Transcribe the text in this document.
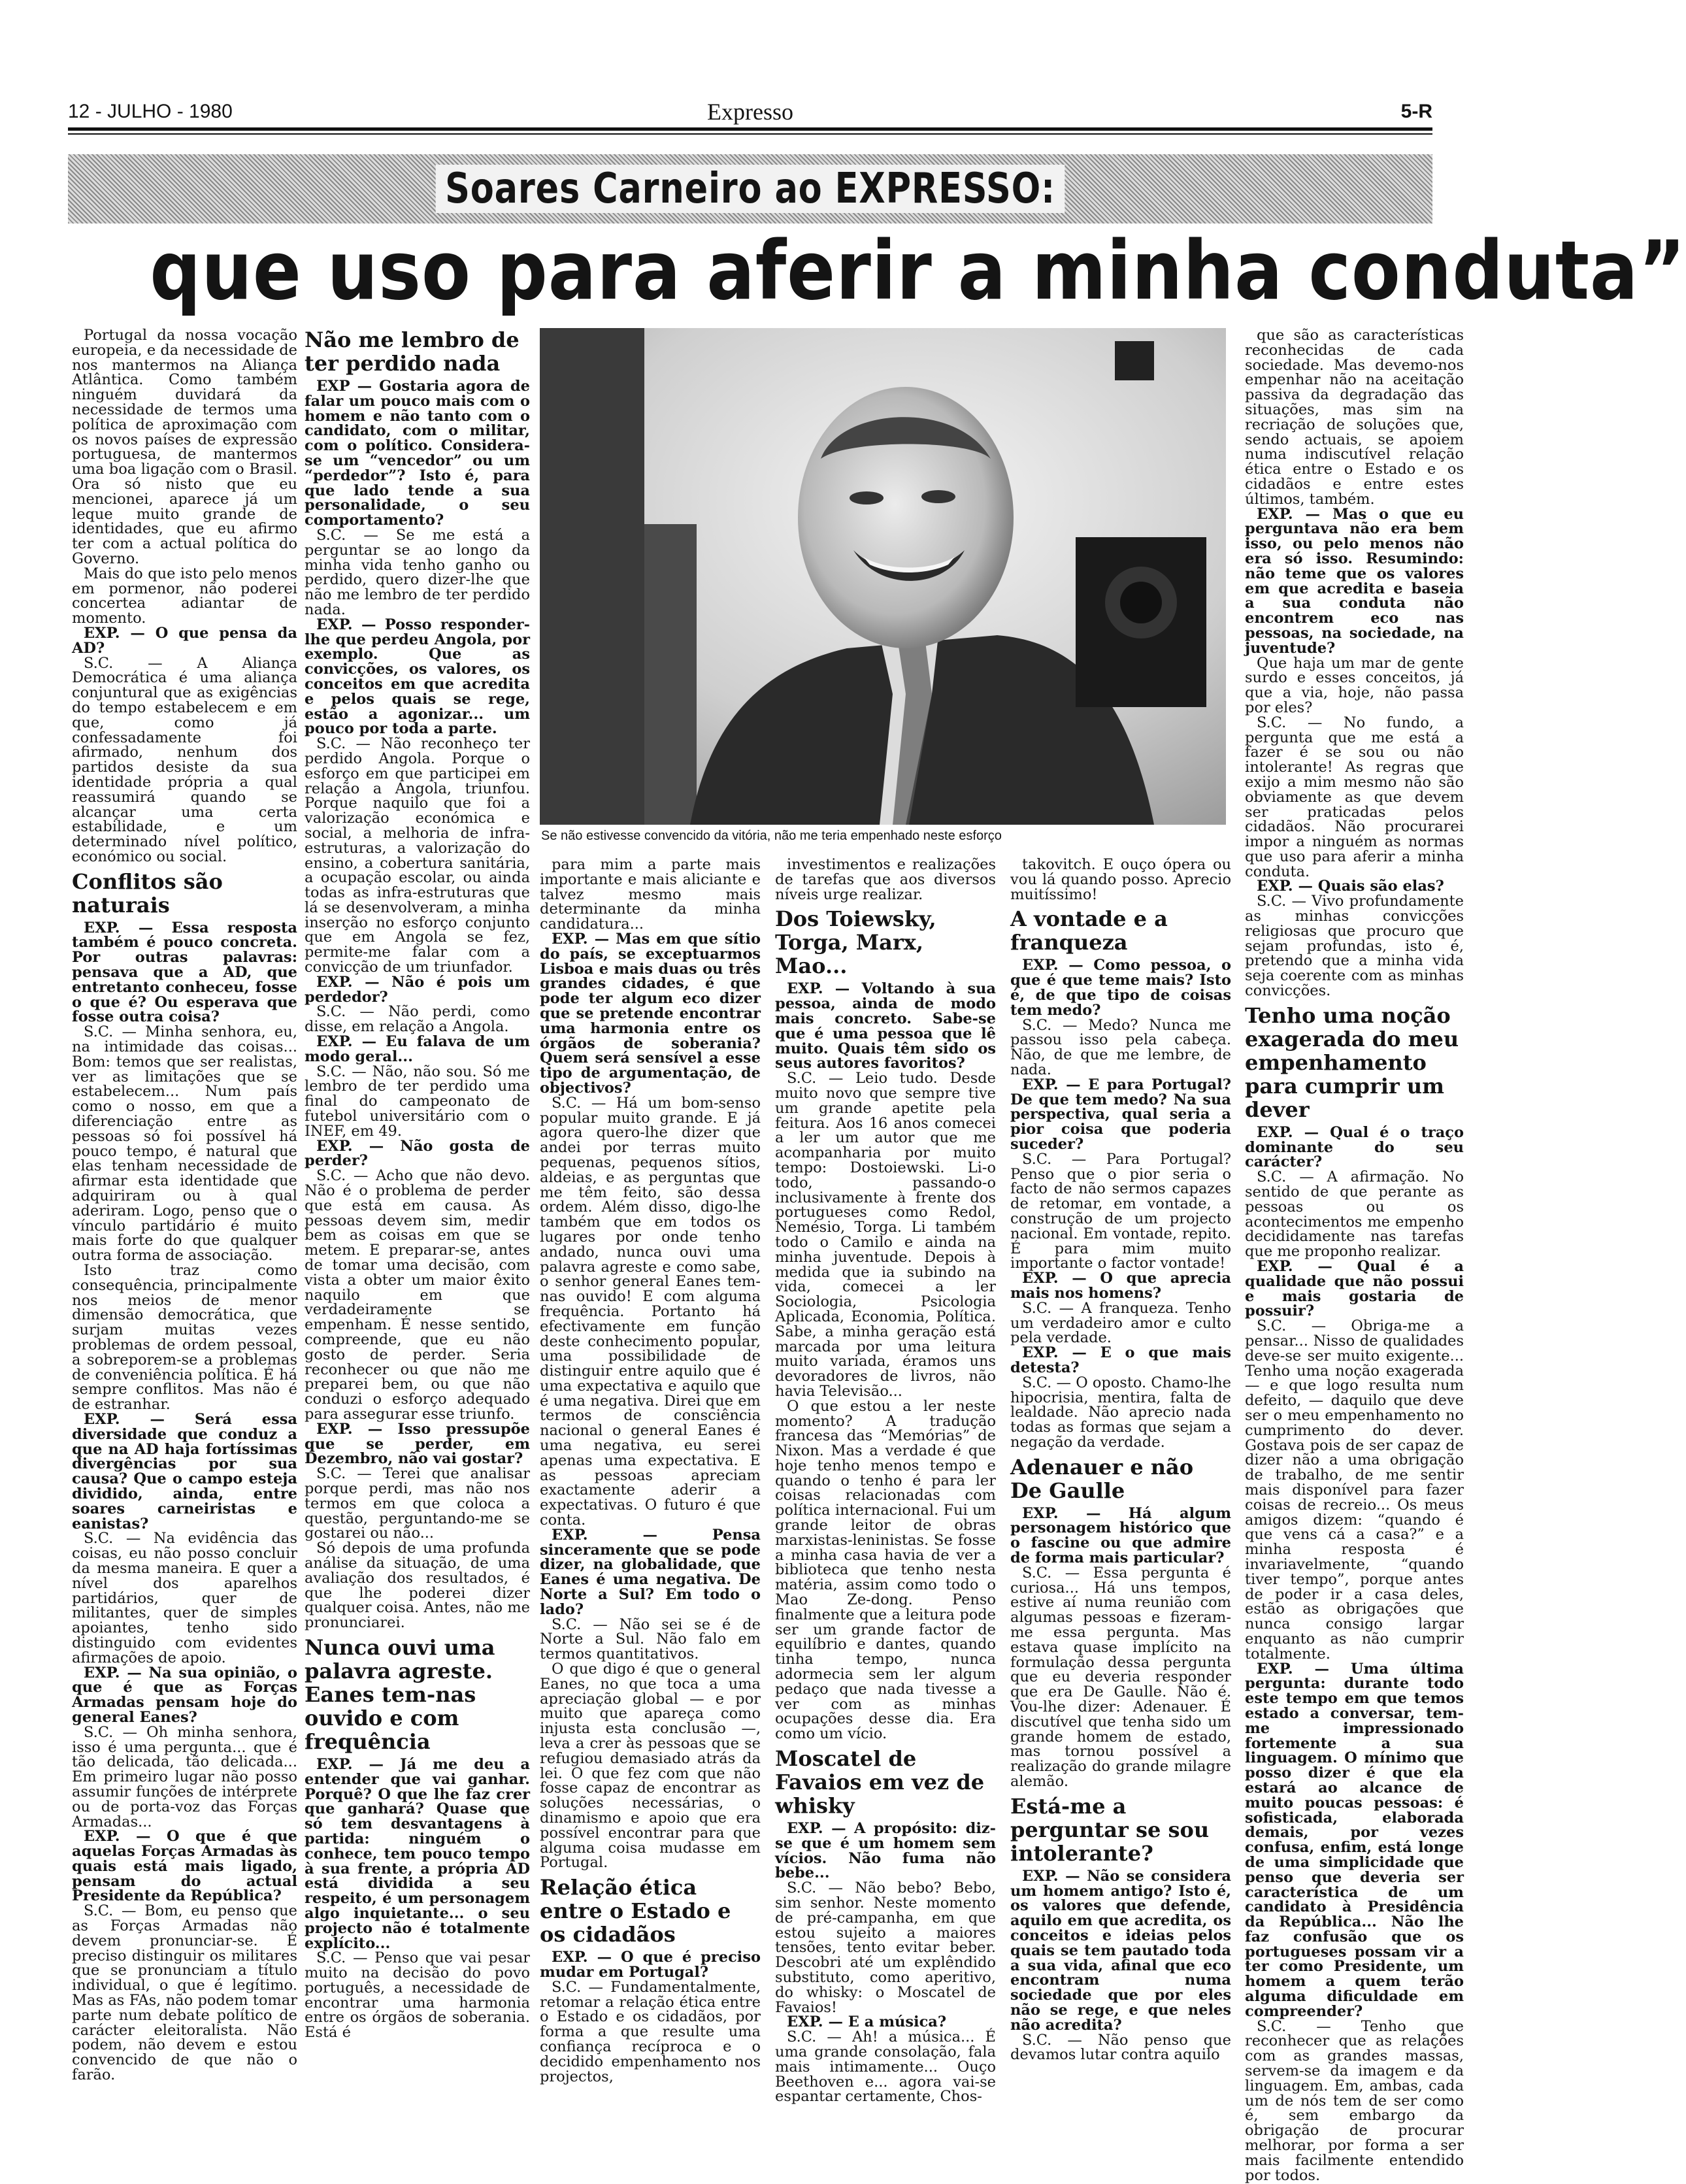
12 - JULHO - 1980	Expresso	5-R
Soares Carneiro ao EXPRESSO:
que uso para aferir a minha conduta”

Portugal da nossa vocação europeia, e da necessidade de nos mantermos na Aliança Atlântica. Como também ninguém duvidará da necessidade de termos uma política de aproximação com os novos países de expressão portuguesa, de mantermos uma boa ligação com o Brasil. Ora só nisto que eu mencionei, aparece já um leque muito grande de identidades, que eu afirmo ter com a actual política do Governo.

Mais do que isto pelo menos em pormenor, não poderei concertea adiantar de momento.

EXP. — O que pensa da AD?

S.C. — A Aliança Democrática é uma aliança conjuntural que as exigências do tempo estabelecem e em que, como já confessadamente foi afirmado, nenhum dos partidos desiste da sua identidade própria a qual reassumirá quando se alcançar uma certa estabilidade, e um determinado nível político, económico ou social.

Conflitos são naturais

EXP. — Essa resposta também é pouco concreta. Por outras palavras: pensava que a AD, que entretanto conheceu, fosse o que é? Ou esperava que fosse outra coisa?

S.C. — Minha senhora, eu, na intimidade das coisas... Bom: temos que ser realistas, ver as limitações que se estabelecem... Num país como o nosso, em que a diferenciação entre as pessoas só foi possível há pouco tempo, é natural que elas tenham necessidade de afirmar esta identidade que adquiriram ou à qual aderiram. Logo, penso que o vínculo partidário é muito mais forte do que qualquer outra forma de associação.

Isto traz como consequência, principalmente nos meios de menor dimensão democrática, que surjam muitas vezes problemas de ordem pessoal, a sobreporem-se a problemas de conveniência política. É há sempre conflitos. Mas não é de estranhar.

EXP. — Será essa diversidade que conduz a que na AD haja fortíssimas divergências por sua causa? Que o campo esteja dividido, ainda, entre soares carneiristas e eanistas?

S.C. — Na evidência das coisas, eu não posso concluir da mesma maneira. E quer a nível dos aparelhos partidários, quer de militantes, quer de simples apoiantes, tenho sido distinguido com evidentes afirmações de apoio.

EXP. — Na sua opinião, o que é que as Forças Armadas pensam hoje do general Eanes?

S.C. — Oh minha senhora, isso é uma pergunta... que é tão delicada, tão delicada... Em primeiro lugar não posso assumir funções de intérprete ou de porta-voz das Forças Armadas...

EXP. — O que é que aquelas Forças Armadas às quais está mais ligado, pensam do actual Presidente da República?

S.C. — Bom, eu penso que as Forças Armadas não devem pronunciar-se. É preciso distinguir os militares que se pronunciam a título individual, o que é legítimo. Mas as FAs, não podem tomar parte num debate político de carácter eleitoralista. Não podem, não devem e estou convencido de que não o farão.

Não me lembro de ter perdido nada

EXP — Gostaria agora de falar um pouco mais com o homem e não tanto com o candidato, com o militar, com o político. Considera-se um “vencedor” ou um “perdedor”? Isto é, para que lado tende a sua personalidade, o seu comportamento?

S.C. — Se me está a perguntar se ao longo da minha vida tenho ganho ou perdido, quero dizer-lhe que não me lembro de ter perdido nada.

EXP. — Posso responder-lhe que perdeu Angola, por exemplo. Que as convicções, os valores, os conceitos em que acredita e pelos quais se rege, estão a agonizar... um pouco por toda a parte.

S.C. — Não reconheço ter perdido Angola. Porque o esforço em que participei em relação a Angola, triunfou. Porque naquilo que foi a valorização económica e social, a melhoria de infra-estruturas, a valorização do ensino, a cobertura sanitária, a ocupação escolar, ou ainda todas as infra-estruturas que lá se desenvolveram, a minha inserção no esforço conjunto que em Angola se fez, permite-me falar com a convicção de um triunfador.

EXP. — Não é pois um perdedor?

S.C. — Não perdi, como disse, em relação a Angola.

EXP. — Eu falava de um modo geral...

S.C. — Não, não sou. Só me lembro de ter perdido uma final do campeonato de futebol universitário com o INEF, em 49.

EXP. — Não gosta de perder?

S.C. — Acho que não devo. Não é o problema de perder que está em causa. As pessoas devem sim, medir bem as coisas em que se metem. E preparar-se, antes de tomar uma decisão, com vista a obter um maior êxito naquilo em que verdadeiramente se empenham. É nesse sentido, compreende, que eu não gosto de perder. Seria reconhecer ou que não me preparei bem, ou que não conduzi o esforço adequado para assegurar esse triunfo.

EXP. — Isso pressupõe que se perder, em Dezembro, não vai gostar?

S.C. — Terei que analisar porque perdi, mas não nos termos em que coloca a questão, perguntando-me se gostarei ou não...

Só depois de uma profunda análise da situação, de uma avaliação dos resultados, é que lhe poderei dizer qualquer coisa. Antes, não me pronunciarei.

Nunca ouvi uma palavra agreste. Eanes tem-nas ouvido e com frequência

EXP. — Já me deu a entender que vai ganhar. Porquê? O que lhe faz crer que ganhará? Quase que só tem desvantagens à partida: ninguém o conhece, tem pouco tempo à sua frente, a própria AD está dividida a seu respeito, é um personagem algo inquietante... o seu projecto não é totalmente explícito...

S.C. — Penso que vai pesar muito na decisão do povo português, a necessidade de encontrar uma harmonia entre os órgãos de soberania. Está é

Se não estivesse convencido da vitória, não me teria empenhado neste esforço

para mim a parte mais importante e mais aliciante e talvez mesmo mais determinante da minha candidatura...

EXP. — Mas em que sítio do país, se exceptuarmos Lisboa e mais duas ou três grandes cidades, é que pode ter algum eco dizer que se pretende encontrar uma harmonia entre os órgãos de soberania? Quem será sensível a esse tipo de argumentação, de objectivos?

S.C. — Há um bom-senso popular muito grande. E já agora quero-lhe dizer que andei por terras muito pequenas, pequenos sítios, aldeias, e as perguntas que me têm feito, são dessa ordem. Além disso, digo-lhe também que em todos os lugares por onde tenho andado, nunca ouvi uma palavra agreste e como sabe, o senhor general Eanes tem-nas ouvido! E com alguma frequência. Portanto há efectivamente em função deste conhecimento popular, uma possibilidade de distinguir entre aquilo que é uma expectativa e aquilo que é uma negativa. Direi que em termos de consciência nacional o general Eanes é uma negativa, eu serei apenas uma expectativa. E as pessoas apreciam exactamente aderir a expectativas. O futuro é que conta.

EXP. — Pensa sinceramente que se pode dizer, na globalidade, que Eanes é uma negativa. De Norte a Sul? Em todo o lado?

S.C. — Não sei se é de Norte a Sul. Não falo em termos quantitativos.

O que digo é que o general Eanes, no que toca a uma apreciação global — e por muito que apareça como injusta esta conclusão —, leva a crer às pessoas que se refugiou demasiado atrás da lei. O que fez com que não fosse capaz de encontrar as soluções necessárias, o dinamismo e apoio que era possível encontrar para que alguma coisa mudasse em Portugal.

Relação ética entre o Estado e os cidadãos

EXP. — O que é preciso mudar em Portugal?

S.C. — Fundamentalmente, retomar a relação ética entre o Estado e os cidadãos, por forma a que resulte uma confiança recíproca e o decidido empenhamento nos projectos,

investimentos e realizações de tarefas que aos diversos níveis urge realizar.

Dos Toiewsky, Torga, Marx, Mao...

EXP. — Voltando à sua pessoa, ainda de modo mais concreto. Sabe-se que é uma pessoa que lê muito. Quais têm sido os seus autores favoritos?

S.C. — Leio tudo. Desde muito novo que sempre tive um grande apetite pela feitura. Aos 16 anos comecei a ler um autor que me acompanharia por muito tempo: Dostoiewski. Li-o todo, passando-o inclusivamente à frente dos portugueses como Redol, Nemésio, Torga. Li também todo o Camilo e ainda na minha juventude. Depois à medida que ia subindo na vida, comecei a ler Sociologia, Psicologia Aplicada, Economia, Política. Sabe, a minha geração está marcada por uma leitura muito variada, éramos uns devoradores de livros, não havia Televisão...

O que estou a ler neste momento? A tradução francesa das “Memórias” de Nixon. Mas a verdade é que hoje tenho menos tempo e quando o tenho é para ler coisas relacionadas com política internacional. Fui um grande leitor de obras marxistas-leninistas. Se fosse a minha casa havia de ver a biblioteca que tenho nesta matéria, assim como todo o Mao Ze-dong. Penso finalmente que a leitura pode ser um grande factor de equilíbrio e dantes, quando tinha tempo, nunca adormecia sem ler algum pedaço que nada tivesse a ver com as minhas ocupações desse dia. Era como um vício.

Moscatel de Favaios em vez de whisky

EXP. — A propósito: diz-se que é um homem sem vícios. Não fuma não bebe...

S.C. — Não bebo? Bebo, sim senhor. Neste momento de pré-campanha, em que estou sujeito a maiores tensões, tento evitar beber. Descobri até um explêndido substituto, como aperitivo, do whisky: o Moscatel de Favaios!

EXP. — E a música?

S.C. — Ah! a música... É uma grande consolação, fala mais intimamente... Ouço Beethoven e... agora vai-se espantar certamente, Chos-

takovitch. E ouço ópera ou vou lá quando posso. Aprecio muitíssimo!

A vontade e a franqueza

EXP. — Como pessoa, o que é que teme mais? Isto é, de que tipo de coisas tem medo?

S.C. — Medo? Nunca me passou isso pela cabeça. Não, de que me lembre, de nada.

EXP. — E para Portugal? De que tem medo? Na sua perspectiva, qual seria a pior coisa que poderia suceder?

S.C. — Para Portugal? Penso que o pior seria o facto de não sermos capazes de retomar, em vontade, a construção de um projecto nacional. Em vontade, repito. É para mim muito importante o factor vontade!

EXP. — O que aprecia mais nos homens?

S.C. — A franqueza. Tenho um verdadeiro amor e culto pela verdade.

EXP. — E o que mais detesta?

S.C. — O oposto. Chamo-lhe hipocrisia, mentira, falta de lealdade. Não aprecio nada todas as formas que sejam a negação da verdade.

Adenauer e não De Gaulle

EXP. — Há algum personagem histórico que o fascine ou que admire de forma mais particular?

S.C. — Essa pergunta é curiosa... Há uns tempos, estive aí numa reunião com algumas pessoas e fizeram-me essa pergunta. Mas estava quase implícito na formulação dessa pergunta que eu deveria responder que era De Gaulle. Não é. Vou-lhe dizer: Adenauer. É discutível que tenha sido um grande homem de estado, mas tornou possível a realização do grande milagre alemão.

Está-me a perguntar se sou intolerante?

EXP. — Não se considera um homem antigo? Isto é, os valores que defende, aquilo em que acredita, os conceitos e ideias pelos quais se tem pautado toda a sua vida, afinal que eco encontram numa sociedade que por eles não se rege, e que neles não acredita?

S.C. — Não penso que devamos lutar contra aquilo

que são as características reconhecidas de cada sociedade. Mas devemo-nos empenhar não na aceitação passiva da degradação das situações, mas sim na recriação de soluções que, sendo actuais, se apoiem numa indiscutível relação ética entre o Estado e os cidadãos e entre estes últimos, também.

EXP. — Mas o que eu perguntava não era bem isso, ou pelo menos não era só isso. Resumindo: não teme que os valores em que acredita e baseia a sua conduta não encontrem eco nas pessoas, na sociedade, na juventude?

Que haja um mar de gente surdo e esses conceitos, já que a via, hoje, não passa por eles?

S.C. — No fundo, a pergunta que me está a fazer é se sou ou não intolerante! As regras que exijo a mim mesmo não são obviamente as que devem ser praticadas pelos cidadãos. Não procurarei impor a ninguém as normas que uso para aferir a minha conduta.

EXP. — Quais são elas?

S.C. — Vivo profundamente as minhas convicções religiosas que procuro que sejam profundas, isto é, pretendo que a minha vida seja coerente com as minhas convicções.

Tenho uma noção exagerada do meu empenhamento para cumprir um dever

EXP. — Qual é o traço dominante do seu carácter?

S.C. — A afirmação. No sentido de que perante as pessoas ou os acontecimentos me empenho decididamente nas tarefas que me proponho realizar.

EXP. — Qual é a qualidade que não possui e mais gostaria de possuir?

S.C. — Obriga-me a pensar... Nisso de qualidades deve-se ser muito exigente... Tenho uma noção exagerada — e que logo resulta num defeito, — daquilo que deve ser o meu empenhamento no cumprimento do dever. Gostava pois de ser capaz de dizer não a uma obrigação de trabalho, de me sentir mais disponível para fazer coisas de recreio... Os meus amigos dizem: “quando é que vens cá a casa?” e a minha resposta é invariavelmente, “quando tiver tempo”, porque antes de poder ir a casa deles, estão as obrigações que nunca consigo largar enquanto as não cumprir totalmente.

EXP. — Uma última pergunta: durante todo este tempo em que temos estado a conversar, tem-me impressionado fortemente a sua linguagem. O mínimo que posso dizer é que ela estará ao alcance de muito poucas pessoas: é sofisticada, elaborada demais, por vezes confusa, enfim, está longe de uma simplicidade que penso que deveria ser característica de um candidato à Presidência da República... Não lhe faz confusão que os portugueses possam vir a ter como Presidente, um homem a quem terão alguma dificuldade em compreender?

S.C. — Tenho que reconhecer que as relações com as grandes massas, servem-se da imagem e da linguagem. Em, ambas, cada um de nós tem de ser como é, sem embargo da obrigação de procurar melhorar, por forma a ser mais facilmente entendido por todos.
